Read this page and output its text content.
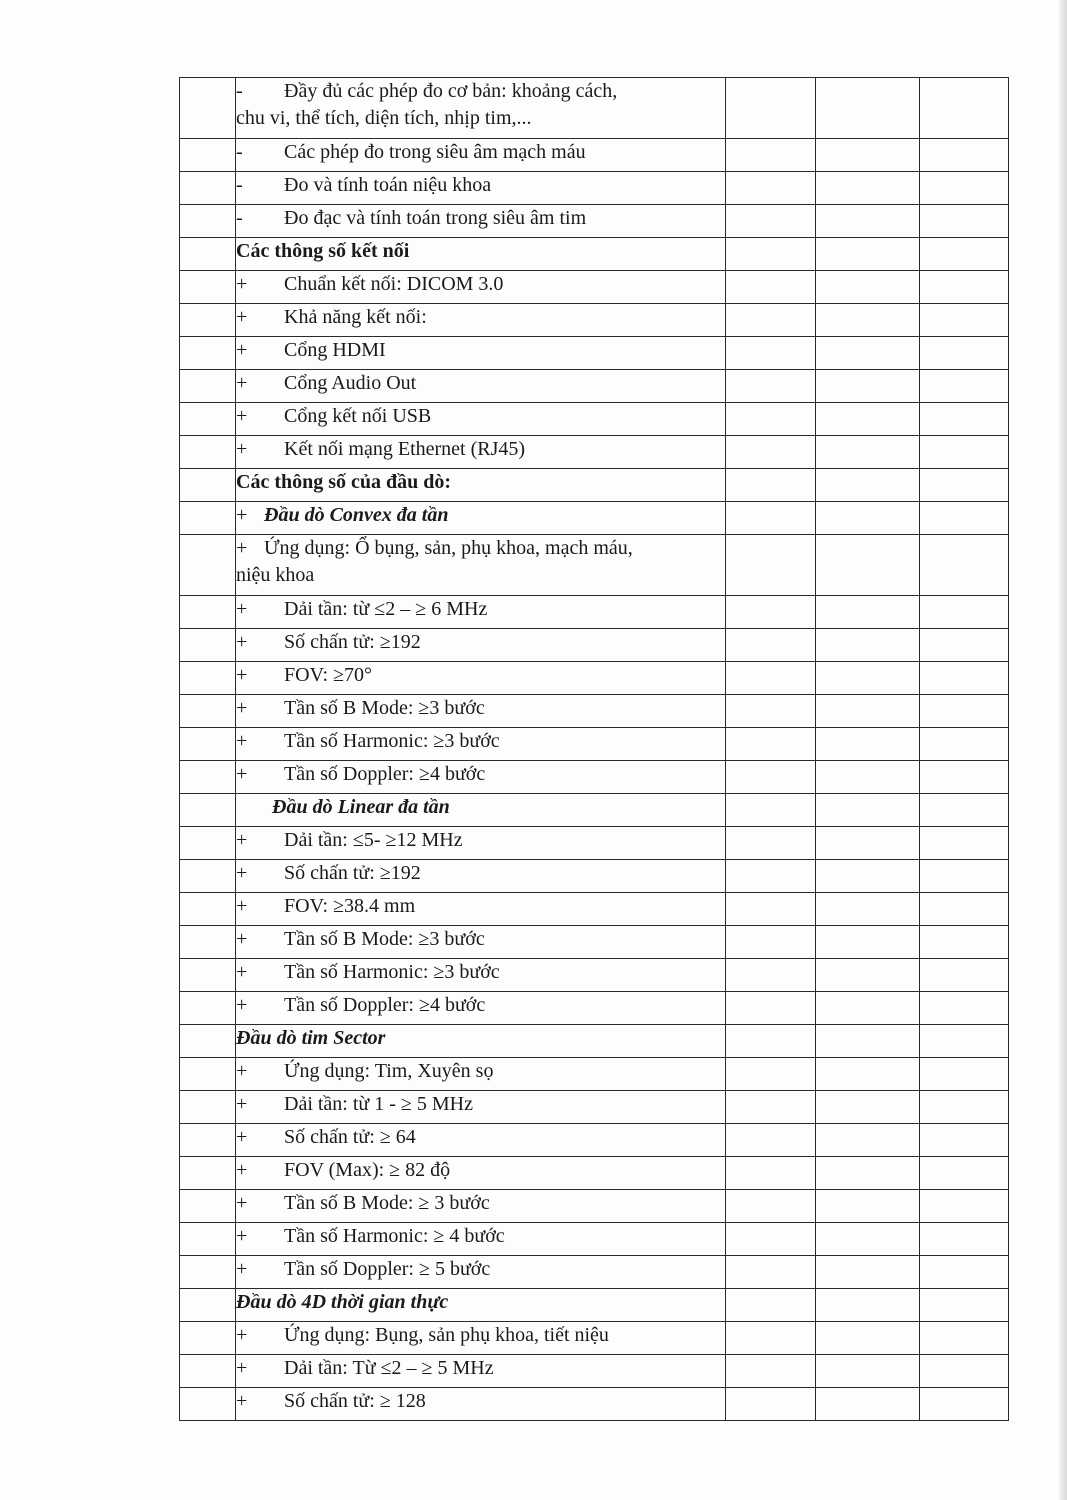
	- Đầy đủ các phép đo cơ bản: khoảng cách,
chu vi, thể tích, diện tích, nhịp tim,...			

	- Các phép đo trong siêu âm mạch máu			

	- Đo và tính toán niệu khoa			

	- Đo đạc và tính toán trong siêu âm tim			

	Các thông số kết nối			

	+ Chuẩn kết nối: DICOM 3.0			

	+ Khả năng kết nối:			

	+ Cổng HDMI			

	+ Cổng Audio Out			

	+ Cổng kết nối USB			

	+ Kết nối mạng Ethernet (RJ45)			

	Các thông số của đầu dò:			

	+ Đầu dò Convex đa tần			

	+ Ứng dụng: Ổ bụng, sản, phụ khoa, mạch máu,
niệu khoa			

	+ Dải tần: từ ≤2 – ≥ 6 MHz			

	+ Số chấn tử: ≥192			

	+ FOV: ≥70°			

	+ Tần số B Mode: ≥3 bước			

	+ Tần số Harmonic: ≥3 bước			

	+ Tần số Doppler: ≥4 bước			

	Đầu dò Linear đa tần			

	+ Dải tần: ≤5- ≥12 MHz			

	+ Số chấn tử: ≥192			

	+ FOV: ≥38.4 mm			

	+ Tần số B Mode: ≥3 bước			

	+ Tần số Harmonic: ≥3 bước			

	+ Tần số Doppler: ≥4 bước			

	Đầu dò tim Sector			

	+ Ứng dụng: Tim, Xuyên sọ			

	+ Dải tần: từ 1 - ≥ 5 MHz			

	+ Số chấn tử: ≥ 64			

	+ FOV (Max): ≥ 82 độ			

	+ Tần số B Mode: ≥ 3 bước			

	+ Tần số Harmonic: ≥ 4 bước			

	+ Tần số Doppler: ≥ 5 bước			

	Đầu dò 4D thời gian thực			

	+ Ứng dụng: Bụng, sản phụ khoa, tiết niệu			

	+ Dải tần: Từ ≤2 – ≥ 5 MHz			

	+ Số chấn tử: ≥ 128			
